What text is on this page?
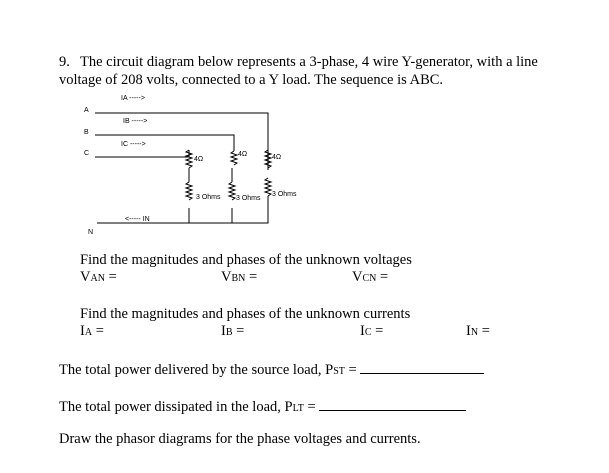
9. The circuit diagram below represents a 3-phase, 4 wire Y-generator, with a line
voltage of 208 volts, connected to a Y load. The sequence is ABC.
A
B
C
N
IA ----->
IB ----->
IC ----->
<----- IN
4Ω
4Ω	4Ω
3 Ohms 3 Ohms
3 Ohms
Find the magnitudes and phases of the unknown voltages
VAN =	VBN =	VCN =
Find the magnitudes and phases of the unknown currents
IA =	IB =	IC =	IN =
The total power delivered by the source load, PST =
The total power dissipated in the load, PLT =
Draw the phasor diagrams for the phase voltages and currents.
